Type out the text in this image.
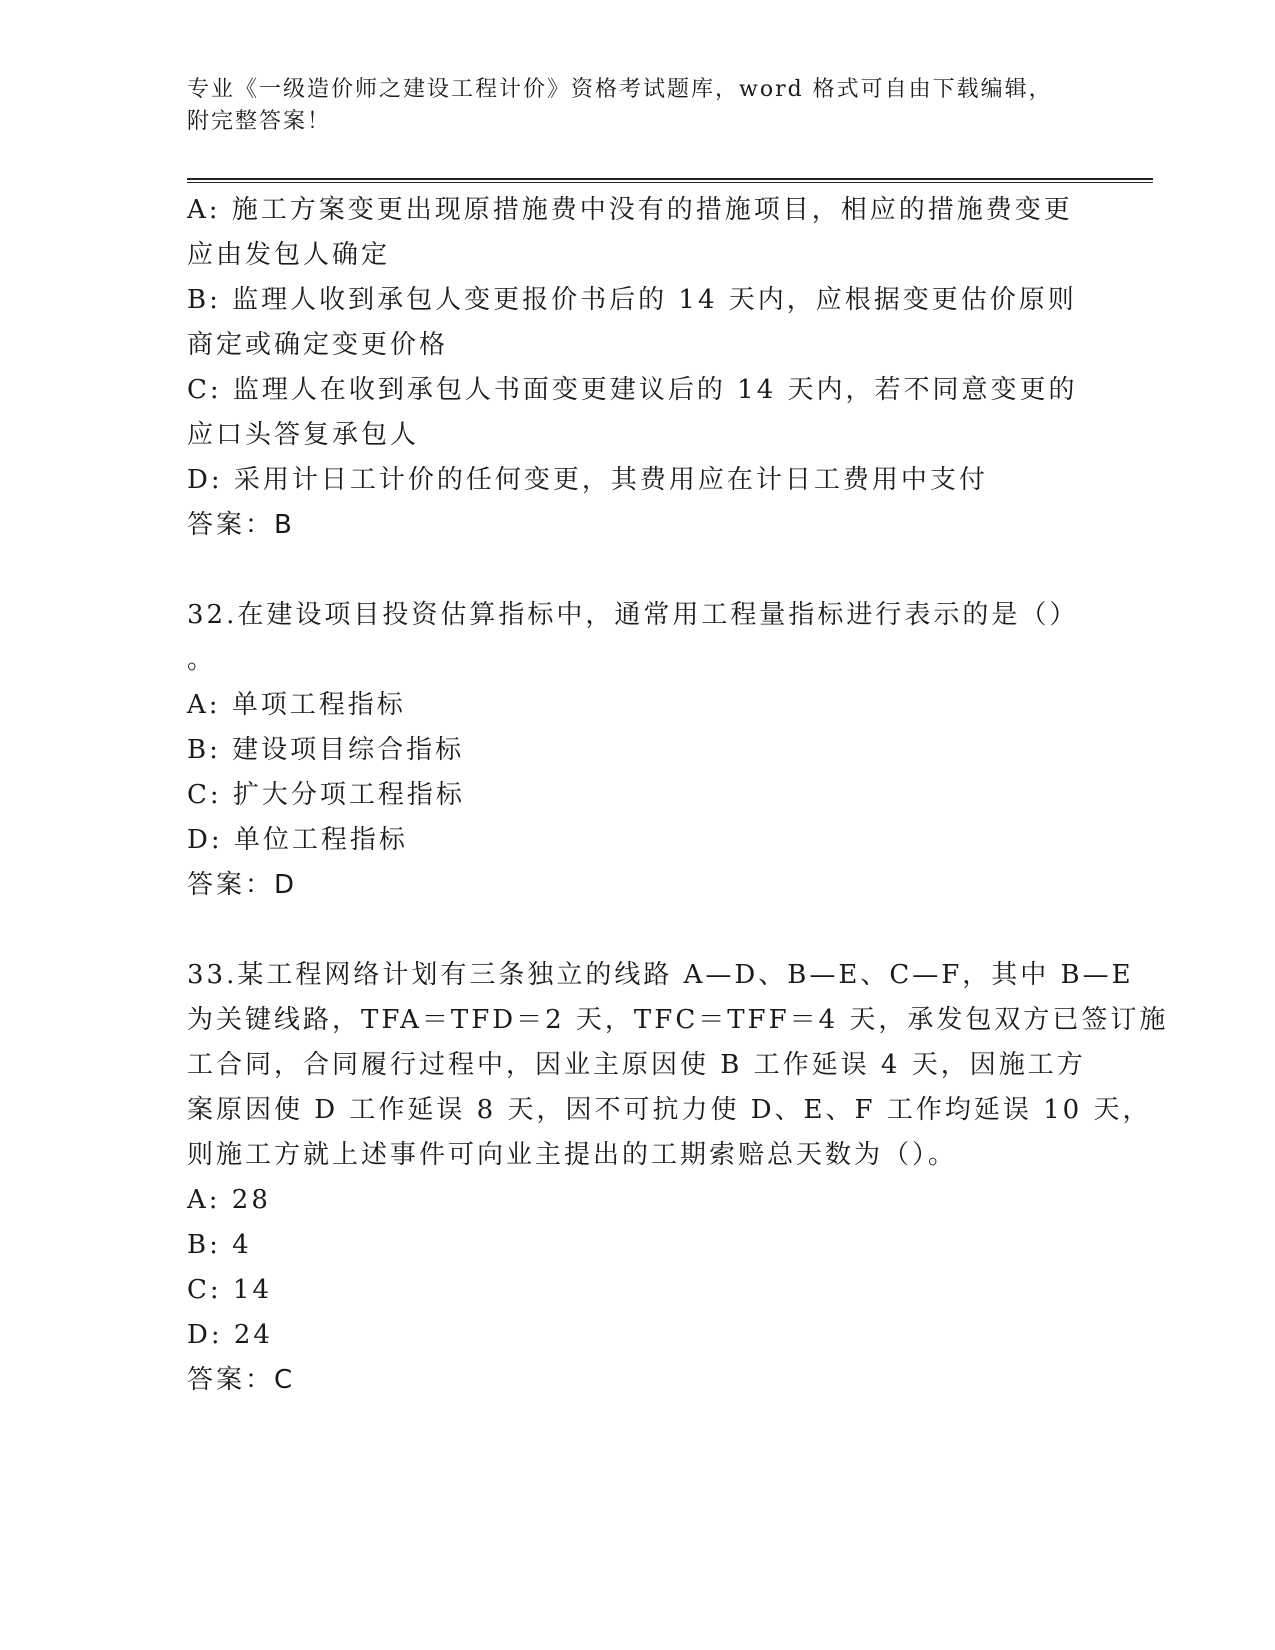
专业《一级造价师之建设工程计价》资格考试题库，word 格式可自由下载编辑，
附完整答案！
A: 施工方案变更出现原措施费中没有的措施项目，相应的措施费变更
应由发包人确定
B: 监理人收到承包人变更报价书后的 14 天内，应根据变更估价原则
商定或确定变更价格
C: 监理人在收到承包人书面变更建议后的 14 天内，若不同意变更的
应口头答复承包人
D: 采用计日工计价的任何变更，其费用应在计日工费用中支付
答案：B
32.在建设项目投资估算指标中，通常用工程量指标进行表示的是（）
。
A: 单项工程指标
B: 建设项目综合指标
C: 扩大分项工程指标
D: 单位工程指标
答案：D
33.某工程网络计划有三条独立的线路 A—D、B—E、C—F，其中 B—E
为关键线路，TFA＝TFD＝2 天，TFC＝TFF＝4 天，承发包双方已签订施
工合同，合同履行过程中，因业主原因使 B 工作延误 4 天，因施工方
案原因使 D 工作延误 8 天，因不可抗力使 D、E、F 工作均延误 10 天，
则施工方就上述事件可向业主提出的工期索赔总天数为（）。
A: 28
B: 4
C: 14
D: 24
答案：C
